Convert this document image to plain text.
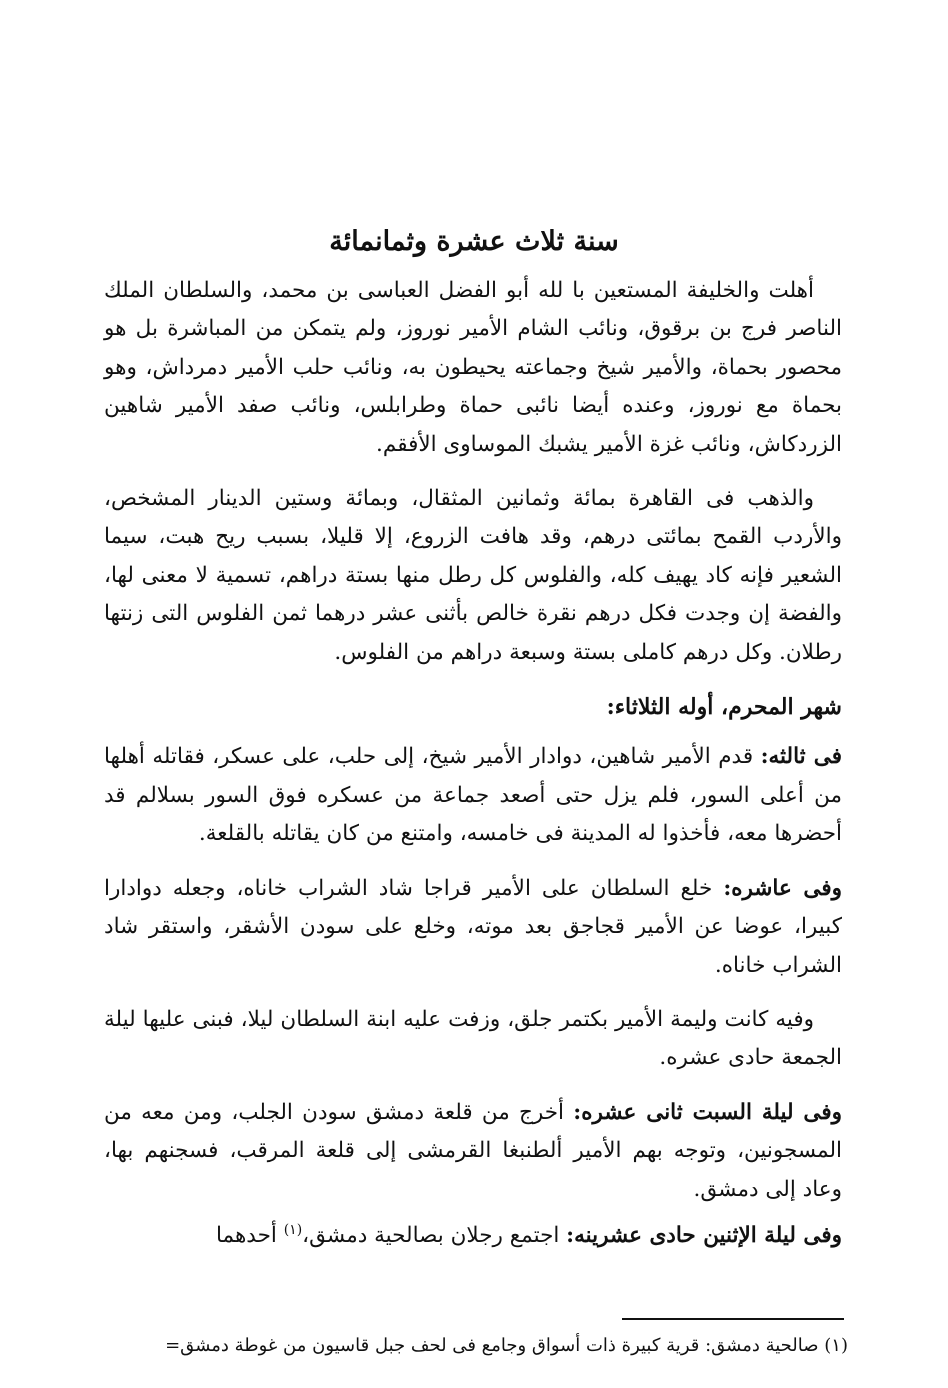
سنة ثلاث عشرة وثمانمائة

أهلت والخليفة المستعين با لله أبو الفضل العباسى بن محمد، والسلطان الملك الناصر فرج بن برقوق، ونائب الشام الأمير نوروز، ولم يتمكن من المباشرة بل هو محصور بحماة، والأمير شيخ وجماعته يحيطون به، ونائب حلب الأمير دمرداش، وهو بحماة مع نوروز، وعنده أيضا نائبى حماة وطرابلس، ونائب صفد الأمير شاهين الزردكاش، ونائب غزة الأمير يشبك الموساوى الأفقم.

والذهب فى القاهرة بمائة وثمانين المثقال، وبمائة وستين الدينار المشخص، والأردب القمح بمائتى درهم، وقد هافت الزروع، إلا قليلا، بسبب ريح هبت، سيما الشعير فإنه كاد يهيف كله، والفلوس كل رطل منها بستة دراهم، تسمية لا معنى لها، والفضة إن وجدت فكل درهم نقرة خالص بأثنى عشر درهما ثمن الفلوس التى زنتها رطلان. وكل درهم كاملى بستة وسبعة دراهم من الفلوس.

شهر المحرم، أوله الثلاثاء:

فى ثالثه: قدم الأمير شاهين، دوادار الأمير شيخ، إلى حلب، على عسكر، فقاتله أهلها من أعلى السور، فلم يزل حتى أصعد جماعة من عسكره فوق السور بسلالم قد أحضرها معه، فأخذوا له المدينة فى خامسه، وامتنع من كان يقاتله بالقلعة.

وفى عاشره: خلع السلطان على الأمير قراجا شاد الشراب خاناه، وجعله دوادارا كبيرا، عوضا عن الأمير قجاجق بعد موته، وخلع على سودن الأشقر، واستقر شاد الشراب خاناه.

وفيه كانت وليمة الأمير بكتمر جلق، وزفت عليه ابنة السلطان ليلا، فبنى عليها ليلة الجمعة حادى عشره.

وفى ليلة السبت ثانى عشره: أخرج من قلعة دمشق سودن الجلب، ومن معه من المسجونين، وتوجه بهم الأمير ألطنبغا القرمشى إلى قلعة المرقب، فسجنهم بها، وعاد إلى دمشق.

وفى ليلة الإثنين حادى عشرينه: اجتمع رجلان بصالحية دمشق،$^{(١)}$ أحدهما

(١) صالحية دمشق: قرية كبيرة ذات أسواق وجامع فى لحف جبل قاسيون من غوطة دمشق=
